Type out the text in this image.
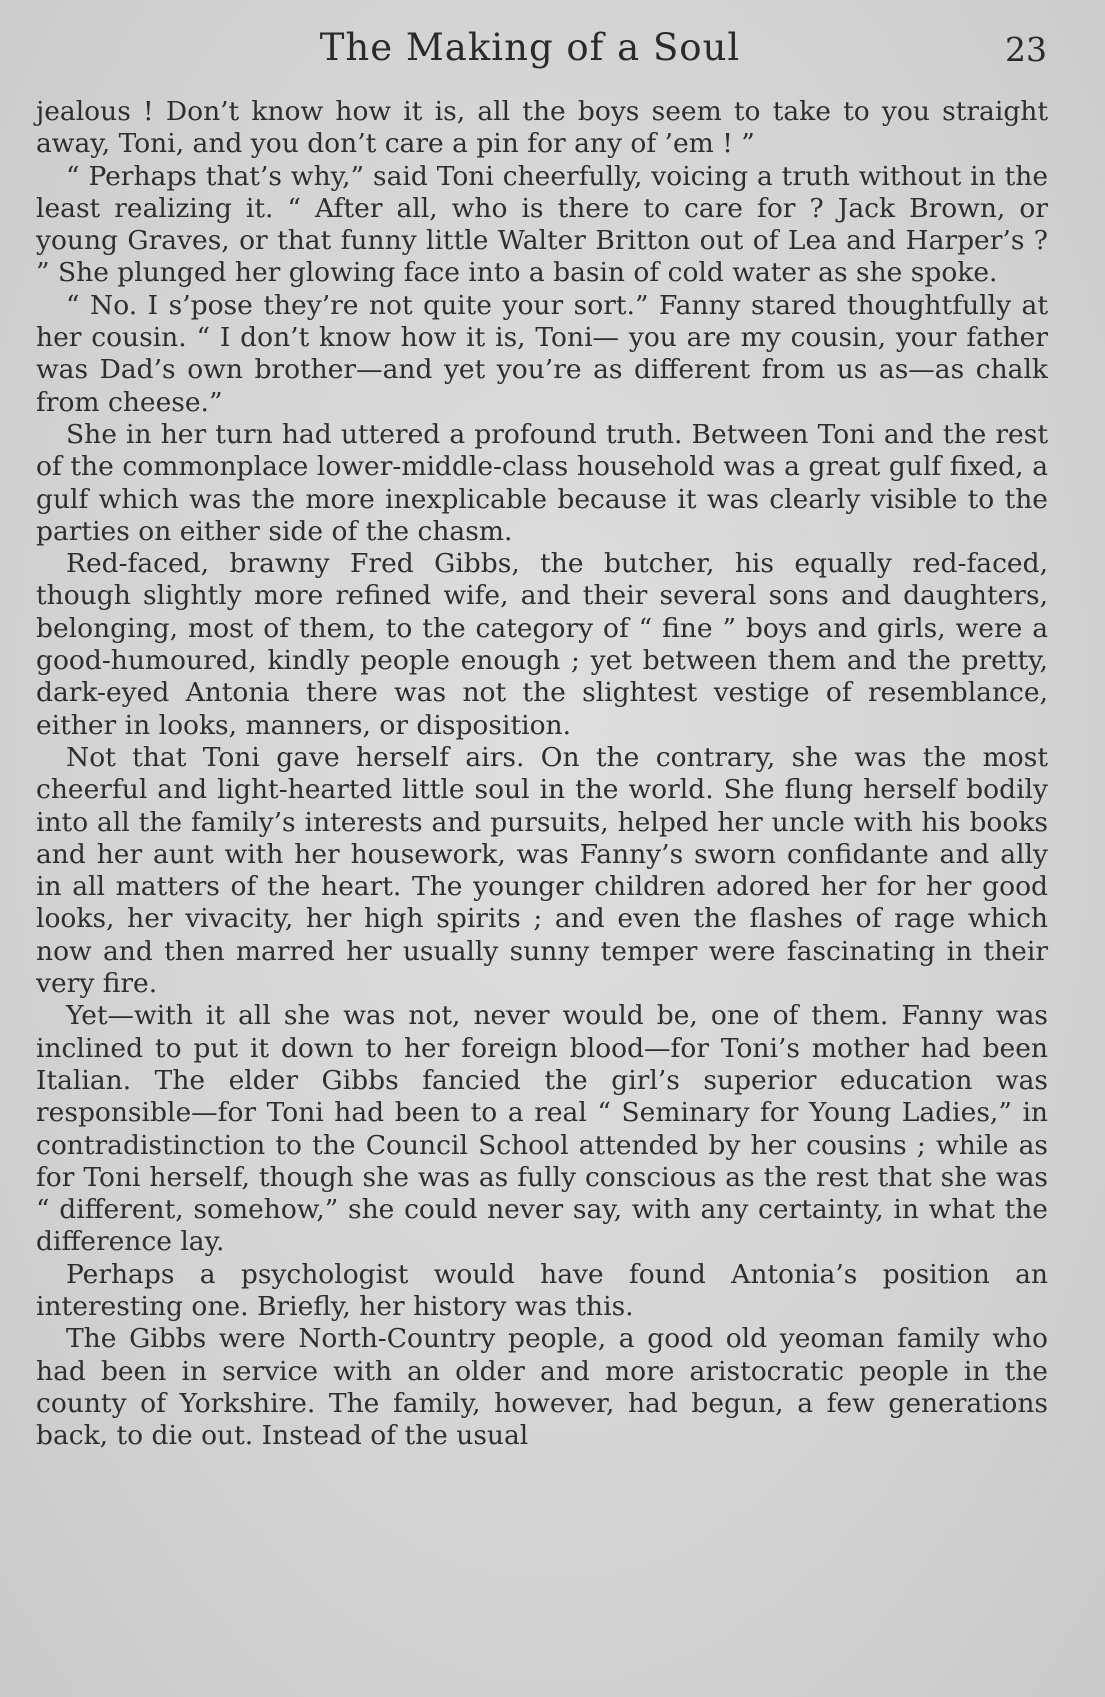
The Making of a Soul	23

jealous ! Don’t know how it is, all the boys seem to take to you straight away, Toni, and you don’t care a pin for any of ’em ! ”

“ Perhaps that’s why,” said Toni cheerfully, voicing a truth without in the least realizing it. “ After all, who is there to care for ? Jack Brown, or young Graves, or that funny little Walter Britton out of Lea and Harper’s ? ” She plunged her glowing face into a basin of cold water as she spoke.

“ No. I s’pose they’re not quite your sort.” Fanny stared thoughtfully at her cousin. “ I don’t know how it is, Toni— you are my cousin, your father was Dad’s own brother—and yet you’re as different from us as—as chalk from cheese.”

She in her turn had uttered a profound truth. Between Toni and the rest of the commonplace lower-middle-class household was a great gulf fixed, a gulf which was the more inexplicable because it was clearly visible to the parties on either side of the chasm.

Red-faced, brawny Fred Gibbs, the butcher, his equally red-faced, though slightly more refined wife, and their several sons and daughters, belonging, most of them, to the category of “ fine ” boys and girls, were a good-humoured, kindly people enough ; yet between them and the pretty, dark-eyed Antonia there was not the slightest vestige of resemblance, either in looks, manners, or disposition.

Not that Toni gave herself airs. On the contrary, she was the most cheerful and light-hearted little soul in the world. She flung herself bodily into all the family’s interests and pursuits, helped her uncle with his books and her aunt with her housework, was Fanny’s sworn confidante and ally in all matters of the heart. The younger children adored her for her good looks, her vivacity, her high spirits ; and even the flashes of rage which now and then marred her usually sunny temper were fascinating in their very fire.

Yet—with it all she was not, never would be, one of them. Fanny was inclined to put it down to her foreign blood—for Toni’s mother had been Italian. The elder Gibbs fancied the girl’s superior education was responsible—for Toni had been to a real “ Seminary for Young Ladies,” in contradistinction to the Council School attended by her cousins ; while as for Toni herself, though she was as fully conscious as the rest that she was “ different, somehow,” she could never say, with any certainty, in what the difference lay.

Perhaps a psychologist would have found Antonia’s position an interesting one. Briefly, her history was this.

The Gibbs were North-Country people, a good old yeoman family who had been in service with an older and more aristocratic people in the county of Yorkshire. The family, however, had begun, a few generations back, to die out. Instead of the usual
